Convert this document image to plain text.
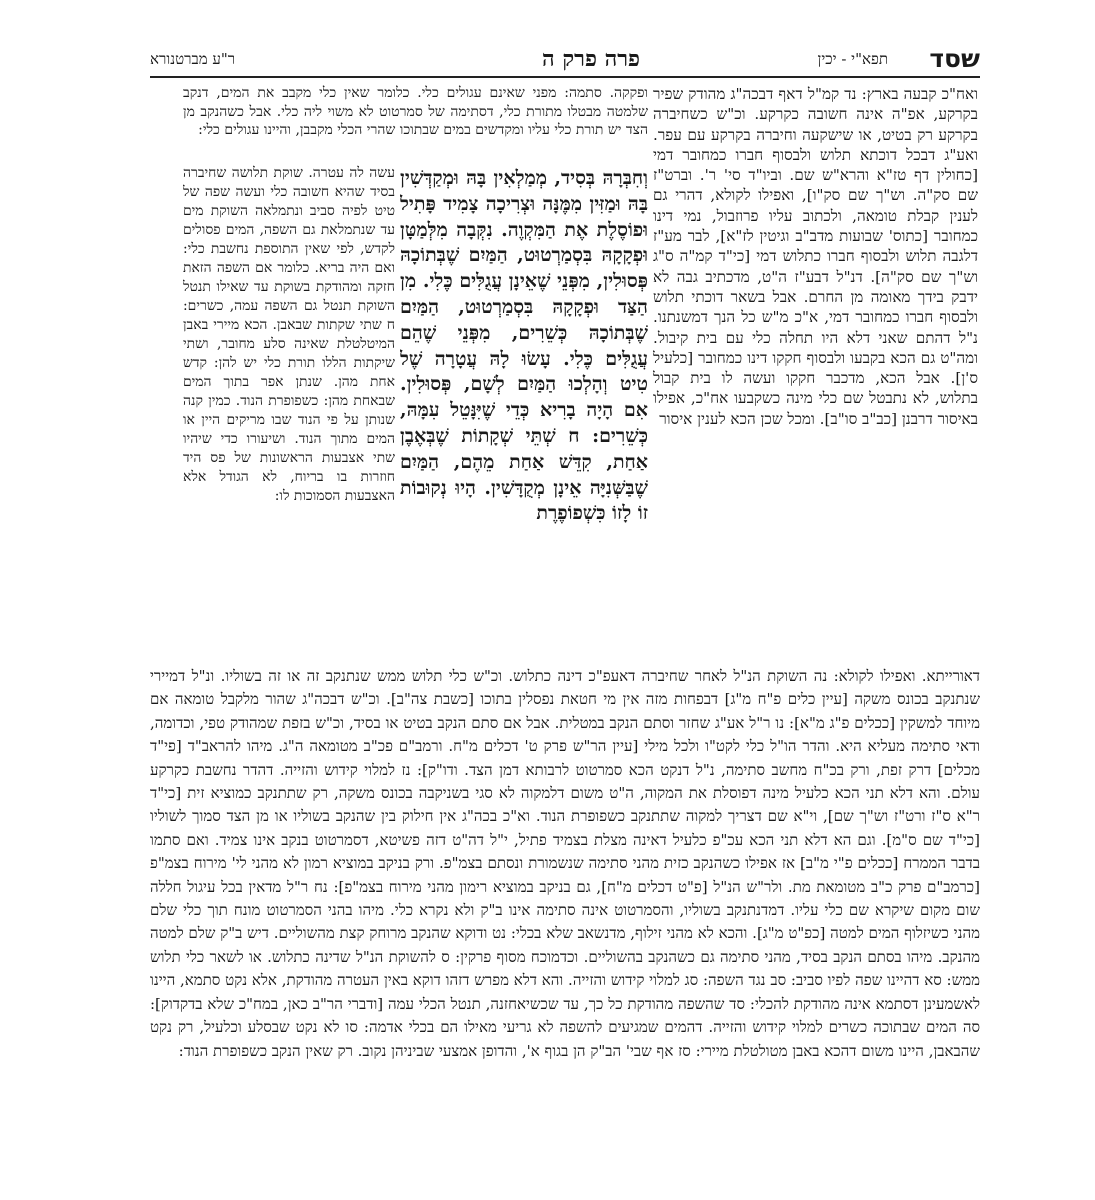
שסד
תפא"י - יכין
פרה פרק ה
ר"ע מברטנורא

ואח"כ קבעה בארץ: נד קמ"ל דאף דבכה"ג מהודק שפיר בקרקע, אפ"ה אינה חשובה כקרקע. וכ"ש כשחיברה בקרקע רק בטיט, או שישקעה וחיברה בקרקע עם עפר. ואע"ג דבכל דוכתא תלוש ולבסוף חברו כמחובר דמי [כחולין דף טז"א והרא"ש שם. וביו"ד סי' ר'. וברט"ז שם סק"ה. וש"ך שם סק"ו], ואפילו לקולא, דהרי גם לענין קבלת טומאה, ולכתוב עליו פרוזבול, נמי דינו כמחובר [כתוס' שבועות מדב"ב וגיטין לז"א], לבר מע"ז דלגבה תלוש ולבסוף חברו כתלוש דמי [כי"ד קמ"ה ס"ג וש"ך שם סק"ה]. דנ"ל דבע"ז ה"ט, מדכתיב גבה לא ידבק בידך מאומה מן החרם. אבל בשאר דוכתי תלוש ולבסוף חברו כמחובר דמי, א"כ מ"ש כל הנך דמשנתנו. נ"ל דהתם שאני דלא היו תחלה כלי עם בית קיבול. ומה"ט גם הכא בקבעו ולבסוף חקקו דינו כמחובר [כלעיל ס'ן]. אבל הכא, מדכבר חקקו ועשה לו בית קבול בתלוש, לא נתבטל שם כלי מינה כשקבעו אח"כ, אפילו באיסור דרבנן [כב"ב סו"ב]. ומכל שכן הכא לענין איסור

ופקקה. סתמה: מפני שאינם עגולים כלי. כלומר שאין כלי מקבב את המים, דנקב שלמטה מבטלו מתורת כלי, דסתימה של סמרטוט לא משוי ליה כלי. אבל כשהנקב מן הצד יש תורת כלי עליו ומקדשים במים שבתוכו שהרי הכלי מקבבן, והיינו עגולים כלי:

עשה לה עטרה. שוקת תלושה שחיברה בסיד שהיא חשובה כלי ועשה שפה של טיט לפיה סביב ונתמלאה השוקת מים עד שנתמלאת גם השפה, המים פסולים לקדש, לפי שאין התוספת נחשבת כלי: ואם היה בריא. כלומר אם השפה הזאת חזקה ומהודקת בשוקת עד שאילו תנטל השוקת תנטל גם השפה עמה, כשרים: ח שתי שקתות שבאבן. הכא מיירי באבן המיטלטלת שאינה סלע מחובר, ושתי שיקתות הללו תורת כלי יש להן: קדש אחת מהן. שנתן אפר בתוך המים שבאחת מהן: כשפופרת הנוד. כמין קנה שנותן על פי הנוד שבו מריקים היין או המים מתוך הנוד. ושיעורו כדי שיהיו שתי אצבעות הראשונות של פס היד חוזרות בו בריוח, לא הגודל אלא האצבעות הסמוכות לו:

וְחִבְּרָהּ בְּסִיד, מְמַלְאִין בָּהּ וּמְקַדְּשִׁין בָּהּ וּמַזִּין מִמֶּנָּה וּצְרִיכָה צָמִיד פָּתִיל וּפוֹסֶלֶת אֶת הַמִּקְוֶה. נִקְּבָה מִלְּמַטָּן וּפְקָקָהּ בִּסְמַרְטוּט, הַמַּיִם שֶׁבְּתוֹכָהּ פְּסוּלִין, מִפְּנֵי שֶׁאֵינָן עֲגֻלִּים כֶּלִי. מִן הַצַּד וּפְקָקָהּ בִּסְמַרְטוּט, הַמַּיִם שֶׁבְּתוֹכָהּ כְּשֵׁרִים, מִפְּנֵי שֶׁהֵם עֲגֻלִּים כֶּלִי. עָשׂוּ לָהּ עֲטָרָה שֶׁל טִיט וְהָלְכוּ הַמַּיִם לְשָׁם, פְּסוּלִין. אִם הָיָה בָרִיא כְּדֵי שֶׁיִּנָּטֵל עִמָּהּ, כְּשֵׁרִים: ח שְׁתֵּי שְׁקָתוֹת שֶׁבְּאֶבֶן אַחַת, קִדֵּשׁ אַחַת מֵהֶם, הַמַּיִם שֶׁבַּשְּׁנִיָּה אֵינָן מְקֻדָּשִׁין. הָיוּ נְקוּבוֹת זוֹ לָזוֹ כִּשְׁפוֹפֶרֶת

דאורייתא. ואפילו לקולא: נה השוקת הנ"ל לאחר שחיברה דאעפ"כ דינה כתלוש. וכ"ש כלי תלוש ממש שנתנקב זה או זה בשוליו. ונ"ל דמיירי שנתנקב בכונס משקה [עיין כלים פ"ח מ"ג] דבפחות מזה אין מי חטאת נפסלין בתוכו [כשבת צה"ב]. וכ"ש דבכה"ג שהור מלקבל טומאה אם מיוחד למשקין [ככלים פ"ג מ"א]: נו ר"ל אע"ג שחזר וסתם הנקב במטלית. אבל אם סתם הנקב בטיט או בסיד, וכ"ש בזפת שמהודק טפי, וכדומה, ודאי סתימה מעליא היא. והדר הו"ל כלי לקט"ו ולכל מילי [עיין הר"ש פרק ט' דכלים מ"ח. ורמב"ם פכ"ב מטומאה ה"ג. מיהו להראב"ד [פי"ד מכלים] דרק זפת, ורק בכ"ח מחשב סתימה, נ"ל דנקט הכא סמרטוט לרבותא דמן הצד. ודו"ק]: נז למלוי קידוש והזייה. דהדר נחשבת כקרקע עולם. והא דלא תני הכא כלעיל מינה דפוסלת את המקוה, ה"ט משום דלמקוה לא סגי בשניקבה בכונס משקה, רק שתתנקב כמוציא זית [כי"ד ר"א ס"ז ורט"ז וש"ך שם], וי"א שם דצריך למקוה שתתנקב כשפופרת הנוד. וא"כ בכה"ג אין חילוק בין שהנקב בשוליו או מן הצד סמוך לשוליו [כי"ד שם ס"מ]. וגם הא דלא תני הכא עכ"פ כלעיל דאינה מצלת בצמיד פתיל, י"ל דה"ט דזה פשיטא, דסמרטוט בנקב אינו צמיד. ואם סתמו בדבר הממרח [ככלים פ"י מ"ב] אז אפילו כשהנקב כזית מהני סתימה שנשמורת ונסתם בצמ"פ. ורק בניקב במוציא רמון לא מהני לי' מירוח בצמ"פ [כרמב"ם פרק כ"ב מטומאת מת. ולר"ש הנ"ל [פ"ט דכלים מ"ח], גם בניקב במוציא רימון מהני מירוח בצמ"פ]: נח ר"ל מדאין בכל עיגול חללה שום מקום שיקרא שם כלי עליו. דמדנתנקב בשוליו, והסמרטוט אינה סתימה אינו ב"ק ולא נקרא כלי. מיהו בהני הסמרטוט מונח תוך כלי שלם מהני כשיזלוף המים למטה [כפ"ט מ"ג]. והכא לא מהני זילוף, מדנשאב שלא בכלי: נט ודוקא שהנקב מרוחק קצת מהשוליים. דיש ב"ק שלם למטה מהנקב. מיהו בסתם הנקב בסיד, מהני סתימה גם כשהנקב בהשוליים. וכדמוכח מסוף פרקין: ס להשוקת הנ"ל שדינה כתלוש. או לשאר כלי תלוש ממש: סא דהיינו שפה לפיו סביב: סב נגד השפה: סג למלוי קידוש והזייה. והא דלא מפרש דזהו דוקא באין העטרה מהודקת, אלא נקט סתמא, היינו לאשמעינן דסתמא אינה מהודקת להכלי: סד שהשפה מהודקת כל כך, עד שכשיאחזנה, תנטל הכלי עמה [ודברי הר"ב כאן, במח"כ שלא בדקדוק]: סה המים שבתוכה כשרים למלוי קידוש והזייה. דהמים שמגיעים להשפה לא גריעי מאילו הם בכלי אדמה: סו לא נקט שבסלע וכלעיל, רק נקט שהבאבן, היינו משום דהכא באבן מטולטלת מיירי: סז אף שבי' הב"ק הן בגוף א', והדופן אמצעי שביניהן נקוב. רק שאין הנקב כשפופרת הנוד:
